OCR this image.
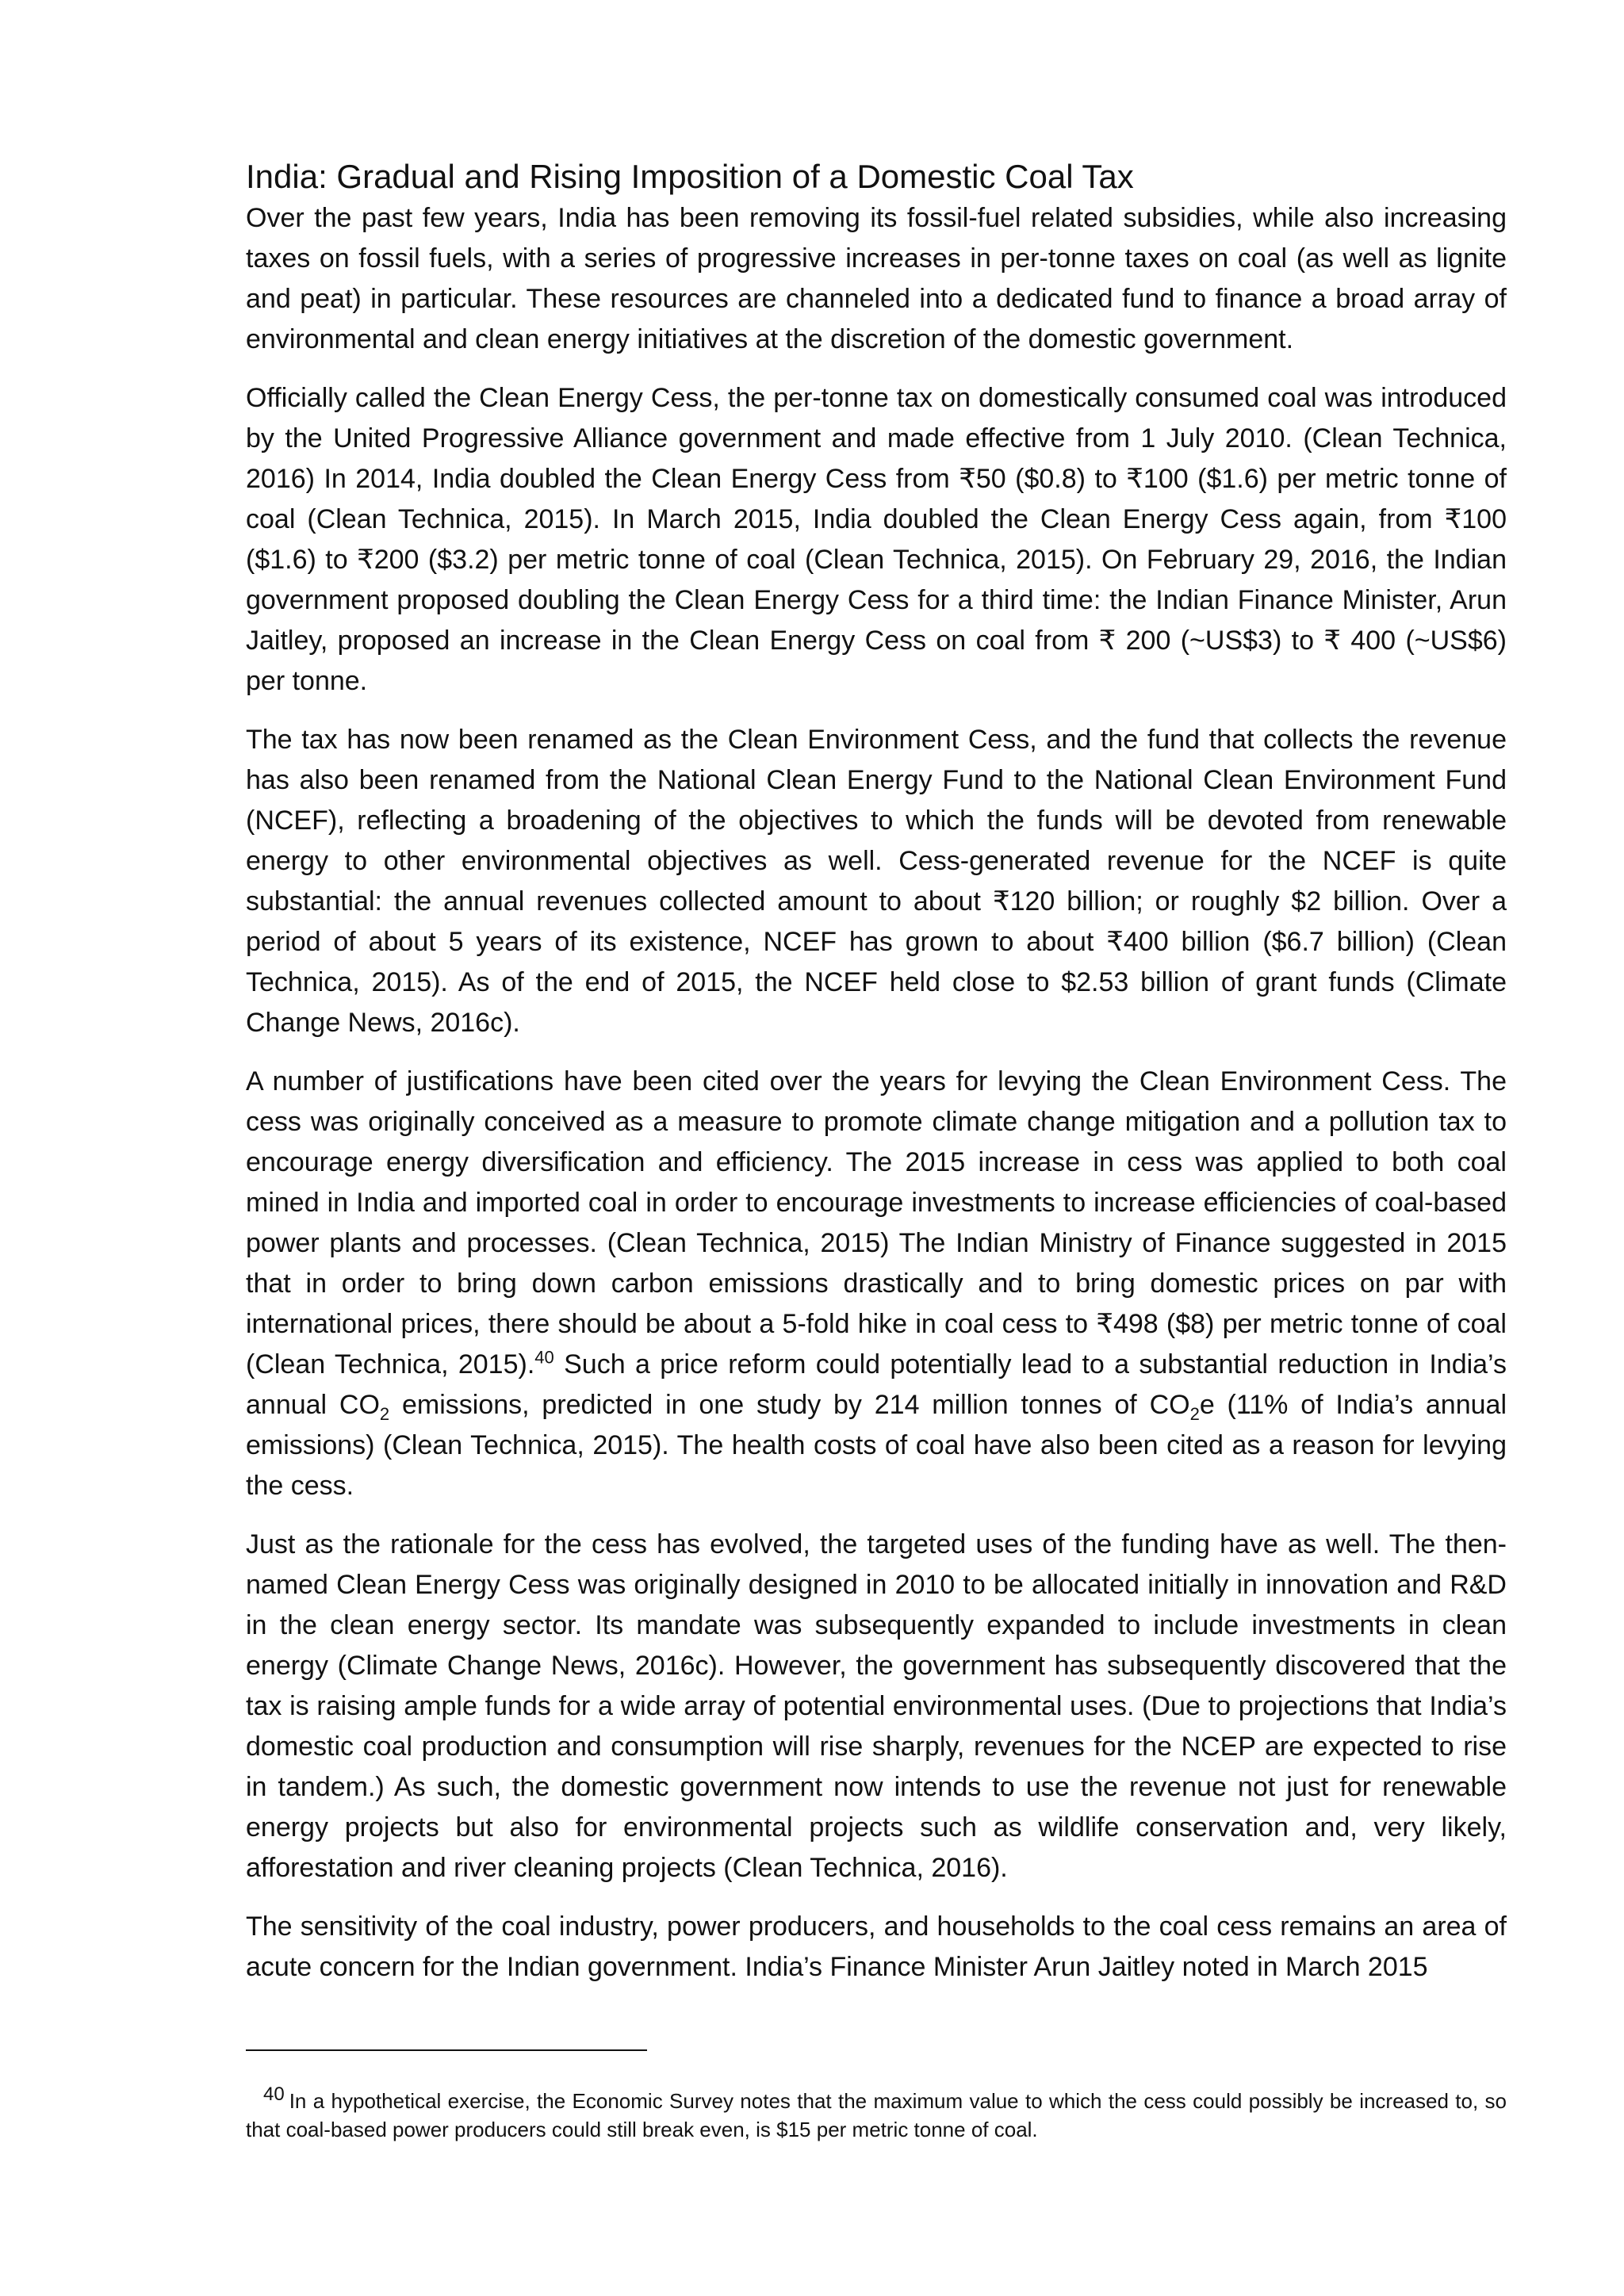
India: Gradual and Rising Imposition of a Domestic Coal Tax

Over the past few years, India has been removing its fossil-fuel related subsidies, while also increasing taxes on fossil fuels, with a series of progressive increases in per-tonne taxes on coal (as well as lignite and peat) in particular. These resources are channeled into a dedicated fund to finance a broad array of environmental and clean energy initiatives at the discretion of the domestic government.

Officially called the Clean Energy Cess, the per-tonne tax on domestically consumed coal was introduced by the United Progressive Alliance government and made effective from 1 July 2010. (Clean Technica, 2016) In 2014, India doubled the Clean Energy Cess from ₹50 ($0.8) to ₹100 ($1.6) per metric tonne of coal (Clean Technica, 2015). In March 2015, India doubled the Clean Energy Cess again, from ₹100 ($1.6) to ₹200 ($3.2) per metric tonne of coal (Clean Technica, 2015). On February 29, 2016, the Indian government proposed doubling the Clean Energy Cess for a third time: the Indian Finance Minister, Arun Jaitley, proposed an increase in the Clean Energy Cess on coal from ₹ 200 (~US$3) to ₹ 400 (~US$6) per tonne.

The tax has now been renamed as the Clean Environment Cess, and the fund that collects the revenue has also been renamed from the National Clean Energy Fund to the National Clean Environment Fund (NCEF), reflecting a broadening of the objectives to which the funds will be devoted from renewable energy to other environmental objectives as well. Cess-generated revenue for the NCEF is quite substantial: the annual revenues collected amount to about ₹120 billion; or roughly $2 billion. Over a period of about 5 years of its existence, NCEF has grown to about ₹400 billion ($6.7 billion) (Clean Technica, 2015). As of the end of 2015, the NCEF held close to $2.53 billion of grant funds (Climate Change News, 2016c).

A number of justifications have been cited over the years for levying the Clean Environment Cess. The cess was originally conceived as a measure to promote climate change mitigation and a pollution tax to encourage energy diversification and efficiency. The 2015 increase in cess was applied to both coal mined in India and imported coal in order to encourage investments to increase efficiencies of coal-based power plants and processes. (Clean Technica, 2015) The Indian Ministry of Finance suggested in 2015 that in order to bring down carbon emissions drastically and to bring domestic prices on par with international prices, there should be about a 5-fold hike in coal cess to ₹498 ($8) per metric tonne of coal (Clean Technica, 2015).$^{40}$ Such a price reform could potentially lead to a substantial reduction in India’s annual $CO_2$ emissions, predicted in one study by 214 million tonnes of $CO_2e$ (11% of India’s annual emissions) (Clean Technica, 2015). The health costs of coal have also been cited as a reason for levying the cess.

Just as the rationale for the cess has evolved, the targeted uses of the funding have as well. The then-named Clean Energy Cess was originally designed in 2010 to be allocated initially in innovation and R&D in the clean energy sector. Its mandate was subsequently expanded to include investments in clean energy (Climate Change News, 2016c). However, the government has subsequently discovered that the tax is raising ample funds for a wide array of potential environmental uses. (Due to projections that India’s domestic coal production and consumption will rise sharply, revenues for the NCEP are expected to rise in tandem.) As such, the domestic government now intends to use the revenue not just for renewable energy projects but also for environmental projects such as wildlife conservation and, very likely, afforestation and river cleaning projects (Clean Technica, 2016).

The sensitivity of the coal industry, power producers, and households to the coal cess remains an area of acute concern for the Indian government. India’s Finance Minister Arun Jaitley noted in March 2015

40 In a hypothetical exercise, the Economic Survey notes that the maximum value to which the cess could possibly be increased to, so that coal-based power producers could still break even, is $15 per metric tonne of coal.
